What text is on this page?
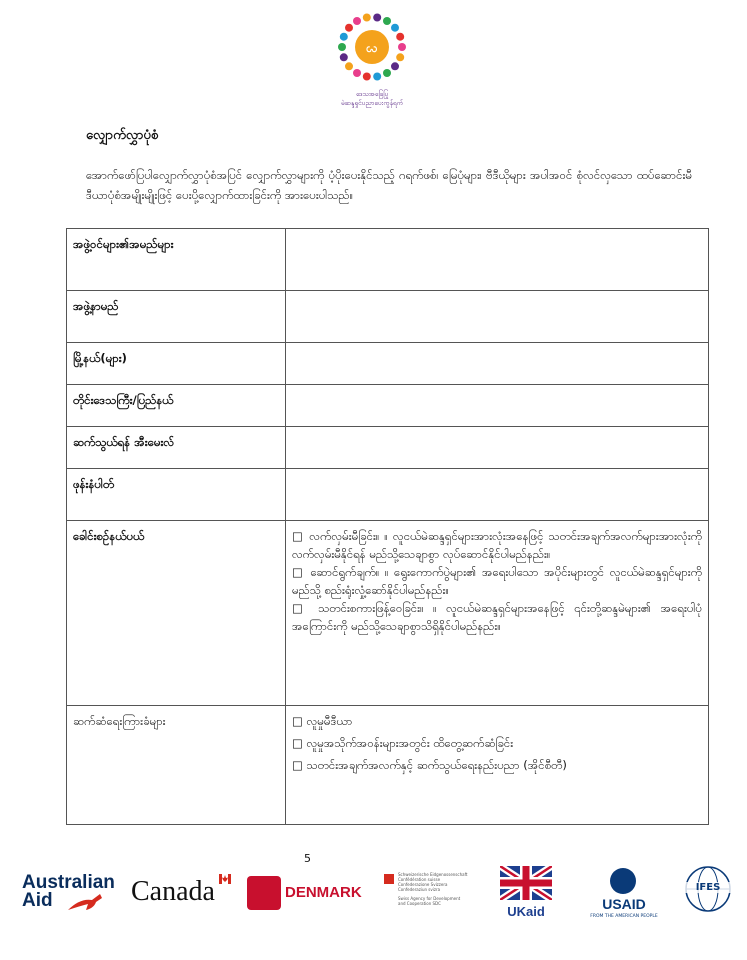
ꩬ
ဒေသအခြေပြု
မဲဆန္ဒရှင်ပညာပေးကွန်ရက်
လျှောက်လွှာပုံစံ
အောက်ဖော်ပြပါလျှောက်လွှာပုံစံအပြင် လျှောက်လွှာများကို ပံ့ပိုးပေးနိုင်သည့် ဂရက်ဖစ်၊ မြေပုံများ၊ ဗီဒီယိုများ အပါအဝင် စုံလင်လှသော ထပ်ဆောင်းမီဒီယာပုံစံအမျိုးမျိုးဖြင့် ပေးပို့လျှောက်ထားခြင်းကို အားပေးပါသည်။
အဖွဲ့ဝင်များ၏အမည်များ	
အဖွဲ့နာမည်	
မြို့နယ်(များ)	
တိုင်းဒေသကြီး/ပြည်နယ်	
ဆက်သွယ်ရန် အီးမေးလ်	
ဖုန်းနံပါတ်	
ခေါင်းစဉ်နယ်ပယ်	□ လက်လှမ်းမီခြင်း။ ။ လူငယ်မဲဆန္ဒရှင်များအားလုံးအနေဖြင့် သတင်းအချက်အလက်များအားလုံးကို လက်လှမ်းမီနိုင်ရန် မည်သို့သေချာစွာ လုပ်ဆောင်နိုင်ပါမည်နည်း။
□ ဆောင်ရွက်ချက်။ ။ ရွေးကောက်ပွဲများ၏ အရေးပါသော အပိုင်းများတွင် လူငယ်မဲဆန္ဒရှင်များကို မည်သို့ စည်းရုံးလှုံ့ဆော်နိုင်ပါမည်နည်း။
□ သတင်းစကားဖြန့်ဝေခြင်း။ ။ လူငယ်မဲဆန္ဒရှင်များအနေဖြင့် ၎င်းတို့ဆန္ဒမဲများ၏ အရေးပါပုံအကြောင်းကို မည်သို့သေချာစွာသိရှိနိုင်ပါမည်နည်း။

ဆက်ဆံရေးကြားခံများ	□ လူမှုမီဒီယာ
□ လူမှုအသိုက်အဝန်းများအတွင်း ထိတွေ့ဆက်ဆံခြင်း
□ သတင်းအချက်အလက်နှင့် ဆက်သွယ်ရေးနည်းပညာ (အိုင်စီတီ)
5
Australian
Aid	Canada	DENMARK
Schweizerische Eidgenossenschaft
Confédération suisse
Confederazione Svizzera
Confederaziun svizra
Swiss Agency for Development
and Cooperation SDC
UKaid	USAID
FROM THE AMERICAN PEOPLE
IFES
